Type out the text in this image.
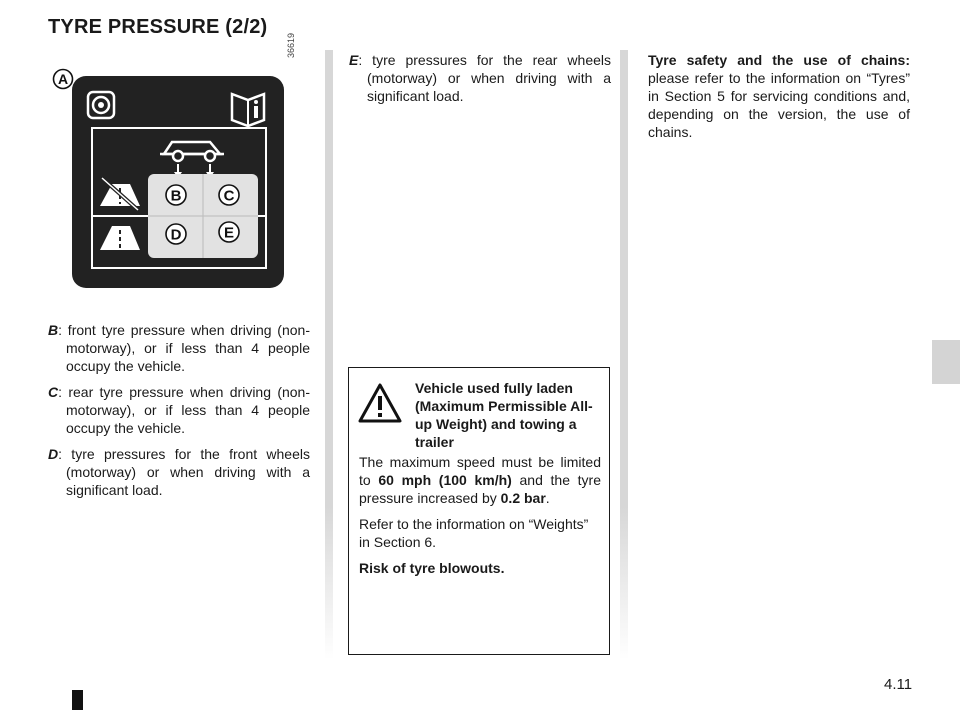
TYRE PRESSURE (2/2)
A
36619
B	C
D	E

B: front tyre pressure when driving (non-motorway), or if less than 4 people occupy the vehicle.

C: rear tyre pressure when driving (non-motorway), or if less than 4 people occupy the vehicle.

D: tyre pressures for the front wheels (motorway) or when driving with a significant load.

E: tyre pressures for the rear wheels (motorway) or when driving with a significant load.

Vehicle used fully laden (Maximum Permissible All-up Weight) and towing a trailer

The maximum speed must be limited to 60 mph (100 km/h) and the tyre pressure increased by 0.2 bar.

Refer to the information on “Weights” in Section 6.

Risk of tyre blowouts.

Tyre safety and the use of chains: please refer to the information on “Tyres” in Section 5 for servicing conditions and, depending on the version, the use of chains.

4.11
